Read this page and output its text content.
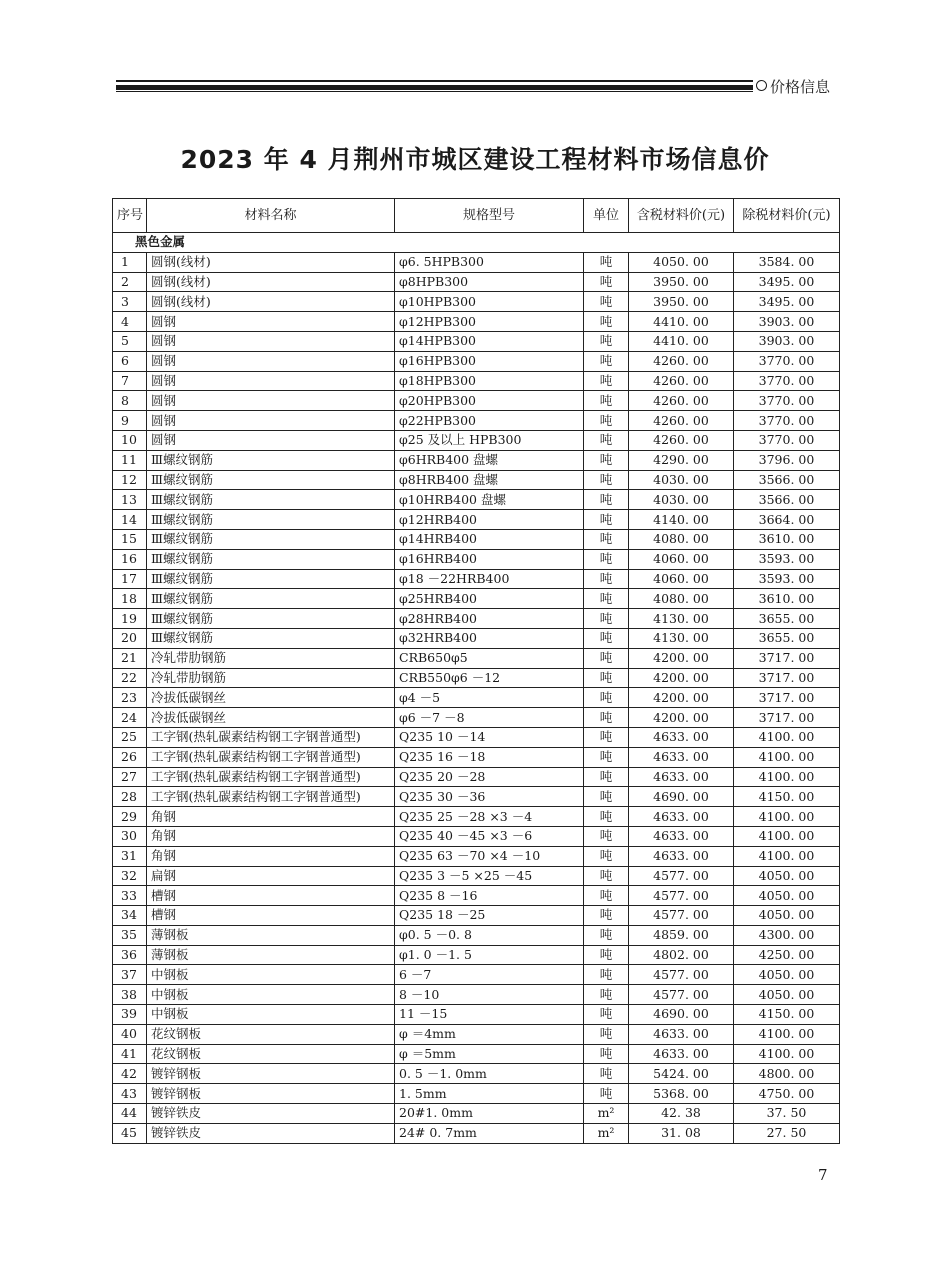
价格信息
2023 年 4 月荆州市城区建设工程材料市场信息价
序号	材料名称	规格型号	单位	含税材料价(元)	除税材料价(元)
黑色金属					
1	圆钢(线材)	φ6. 5HPB300	吨	4050. 00	3584. 00
2	圆钢(线材)	φ8HPB300	吨	3950. 00	3495. 00
3	圆钢(线材)	φ10HPB300	吨	3950. 00	3495. 00
4	圆钢	φ12HPB300	吨	4410. 00	3903. 00
5	圆钢	φ14HPB300	吨	4410. 00	3903. 00
6	圆钢	φ16HPB300	吨	4260. 00	3770. 00
7	圆钢	φ18HPB300	吨	4260. 00	3770. 00
8	圆钢	φ20HPB300	吨	4260. 00	3770. 00
9	圆钢	φ22HPB300	吨	4260. 00	3770. 00
10	圆钢	φ25 及以上 HPB300	吨	4260. 00	3770. 00
11	Ⅲ螺纹钢筋	φ6HRB400 盘螺	吨	4290. 00	3796. 00
12	Ⅲ螺纹钢筋	φ8HRB400 盘螺	吨	4030. 00	3566. 00
13	Ⅲ螺纹钢筋	φ10HRB400 盘螺	吨	4030. 00	3566. 00
14	Ⅲ螺纹钢筋	φ12HRB400	吨	4140. 00	3664. 00
15	Ⅲ螺纹钢筋	φ14HRB400	吨	4080. 00	3610. 00
16	Ⅲ螺纹钢筋	φ16HRB400	吨	4060. 00	3593. 00
17	Ⅲ螺纹钢筋	φ18 －22HRB400	吨	4060. 00	3593. 00
18	Ⅲ螺纹钢筋	φ25HRB400	吨	4080. 00	3610. 00
19	Ⅲ螺纹钢筋	φ28HRB400	吨	4130. 00	3655. 00
20	Ⅲ螺纹钢筋	φ32HRB400	吨	4130. 00	3655. 00
21	冷轧带肋钢筋	CRB650φ5	吨	4200. 00	3717. 00
22	冷轧带肋钢筋	CRB550φ6 －12	吨	4200. 00	3717. 00
23	冷拔低碳钢丝	φ4 －5	吨	4200. 00	3717. 00
24	冷拔低碳钢丝	φ6 －7 －8	吨	4200. 00	3717. 00
25	工字钢(热轧碳素结构钢工字钢普通型)	Q235 10 －14	吨	4633. 00	4100. 00
26	工字钢(热轧碳素结构钢工字钢普通型)	Q235 16 －18	吨	4633. 00	4100. 00
27	工字钢(热轧碳素结构钢工字钢普通型)	Q235 20 －28	吨	4633. 00	4100. 00
28	工字钢(热轧碳素结构钢工字钢普通型)	Q235 30 －36	吨	4690. 00	4150. 00
29	角钢	Q235 25 －28 ×3 －4	吨	4633. 00	4100. 00
30	角钢	Q235 40 －45 ×3 －6	吨	4633. 00	4100. 00
31	角钢	Q235 63 －70 ×4 －10	吨	4633. 00	4100. 00
32	扁钢	Q235 3 －5 ×25 －45	吨	4577. 00	4050. 00
33	槽钢	Q235 8 －16	吨	4577. 00	4050. 00
34	槽钢	Q235 18 －25	吨	4577. 00	4050. 00
35	薄钢板	φ0. 5 －0. 8	吨	4859. 00	4300. 00
36	薄钢板	φ1. 0 －1. 5	吨	4802. 00	4250. 00
37	中钢板	6 －7	吨	4577. 00	4050. 00
38	中钢板	8 －10	吨	4577. 00	4050. 00
39	中钢板	11 －15	吨	4690. 00	4150. 00
40	花纹钢板	φ ＝4mm	吨	4633. 00	4100. 00
41	花纹钢板	φ ＝5mm	吨	4633. 00	4100. 00
42	镀锌钢板	0. 5 －1. 0mm	吨	5424. 00	4800. 00
43	镀锌钢板	1. 5mm	吨	5368. 00	4750. 00
44	镀锌铁皮	20#1. 0mm	m²	42. 38	37. 50
45	镀锌铁皮	24# 0. 7mm	m²	31. 08	27. 50
7
